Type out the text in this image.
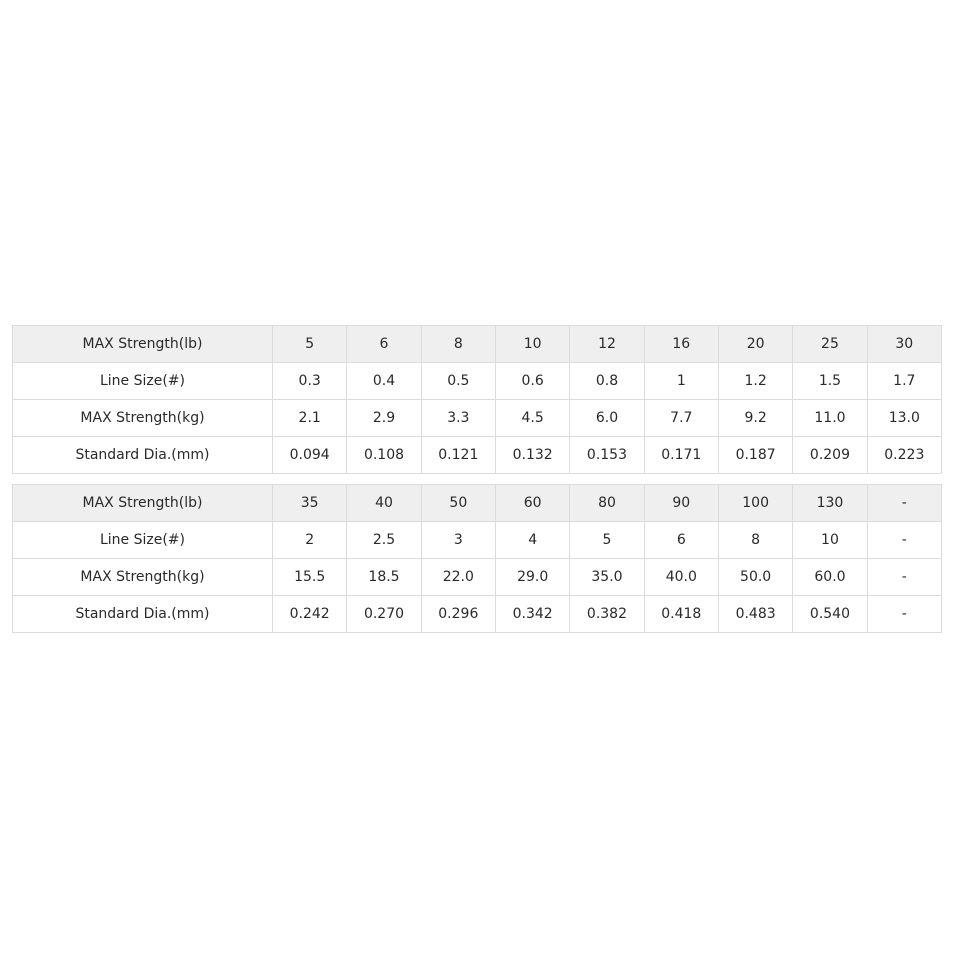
MAX Strength(lb)	5	6	8	10	12	16	20	25	30
Line Size(#)	0.3	0.4	0.5	0.6	0.8	1	1.2	1.5	1.7
MAX Strength(kg)	2.1	2.9	3.3	4.5	6.0	7.7	9.2	11.0	13.0
Standard Dia.(mm)	0.094	0.108	0.121	0.132	0.153	0.171	0.187	0.209	0.223
MAX Strength(lb)	35	40	50	60	80	90	100	130	-
Line Size(#)	2	2.5	3	4	5	6	8	10	-
MAX Strength(kg)	15.5	18.5	22.0	29.0	35.0	40.0	50.0	60.0	-
Standard Dia.(mm)	0.242	0.270	0.296	0.342	0.382	0.418	0.483	0.540	-
